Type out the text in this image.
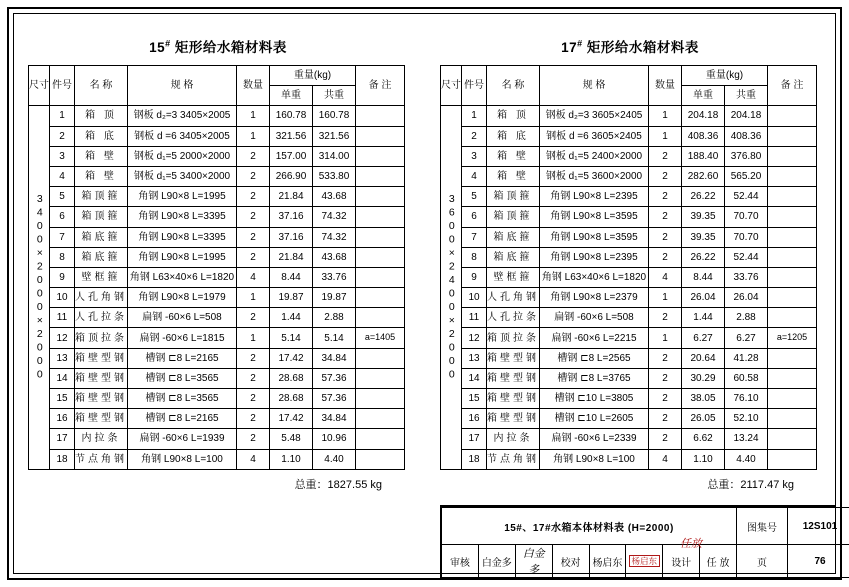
15# 矩形给水箱材料表
尺寸	件号	名 称	规 格	数量	重量(kg)		备 注
					单重	共重	

3400×2000×2000	1	箱 顶	钢板 d₂=3 3405×2005	1	160.78	160.78	
	2	箱 底	钢板 d =6 3405×2005	1	321.56	321.56	
	3	箱 壁	钢板 d₁=5 2000×2000	2	157.00	314.00	
	4	箱 壁	钢板 d₁=5 3400×2000	2	266.90	533.80	
	5	箱顶箍	角钢 L90×8 L=1995	2	21.84	43.68	
	6	箱顶箍	角钢 L90×8 L=3395	2	37.16	74.32	
	7	箱底箍	角钢 L90×8 L=3395	2	37.16	74.32	
	8	箱底箍	角钢 L90×8 L=1995	2	21.84	43.68	
	9	壁框箍	角钢 L63×40×6 L=1820	4	8.44	33.76	
	10	人孔角钢	角钢 L90×8 L=1979	1	19.87	19.87	
	11	人孔拉条	扁钢 -60×6 L=508	2	1.44	2.88	
	12	箱顶拉条	扁钢 -60×6 L=1815	1	5.14	5.14	a=1405
	13	箱壁型钢	槽钢 ⊏8 L=2165	2	17.42	34.84	
	14	箱壁型钢	槽钢 ⊏8 L=3565	2	28.68	57.36	
	15	箱壁型钢	槽钢 ⊏8 L=3565	2	28.68	57.36	
	16	箱壁型钢	槽钢 ⊏8 L=2165	2	17.42	34.84	
	17	内拉条	扁钢 -60×6 L=1939	2	5.48	10.96	
	18	节点角钢	角钢 L90×8 L=100	4	1.10	4.40	
总重：1827.55 kg
17# 矩形给水箱材料表
尺寸	件号	名 称	规 格	数量	重量(kg)		备 注
					单重	共重	

3600×2400×2000	1	箱 顶	钢板 d₂=3 3605×2405	1	204.18	204.18	
	2	箱 底	钢板 d =6 3605×2405	1	408.36	408.36	
	3	箱 壁	钢板 d₁=5 2400×2000	2	188.40	376.80	
	4	箱 壁	钢板 d₁=5 3600×2000	2	282.60	565.20	
	5	箱顶箍	角钢 L90×8 L=2395	2	26.22	52.44	
	6	箱顶箍	角钢 L90×8 L=3595	2	39.35	70.70	
	7	箱底箍	角钢 L90×8 L=3595	2	39.35	70.70	
	8	箱底箍	角钢 L90×8 L=2395	2	26.22	52.44	
	9	壁框箍	角钢 L63×40×6 L=1820	4	8.44	33.76	
	10	人孔角钢	角钢 L90×8 L=2379	1	26.04	26.04	
	11	人孔拉条	扁钢 -60×6 L=508	2	1.44	2.88	
	12	箱顶拉条	扁钢 -60×6 L=2215	1	6.27	6.27	a=1205
	13	箱壁型钢	槽钢 ⊏8 L=2565	2	20.64	41.28	
	14	箱壁型钢	槽钢 ⊏8 L=3765	2	30.29	60.58	
	15	箱壁型钢	槽钢 ⊏10 L=3805	2	38.05	76.10	
	16	箱壁型钢	槽钢 ⊏10 L=2605	2	26.05	52.10	
	17	内拉条	扁钢 -60×6 L=2339	2	6.62	13.24	
	18	节点角钢	角钢 L90×8 L=100	4	1.10	4.40	
总重：2117.47 kg
15#、17#水箱本体材料表 (H=2000)								图集号	12S101
审核	白金多	白金多	校对	杨启东	杨启东	设计	任 放	页	76
任放
